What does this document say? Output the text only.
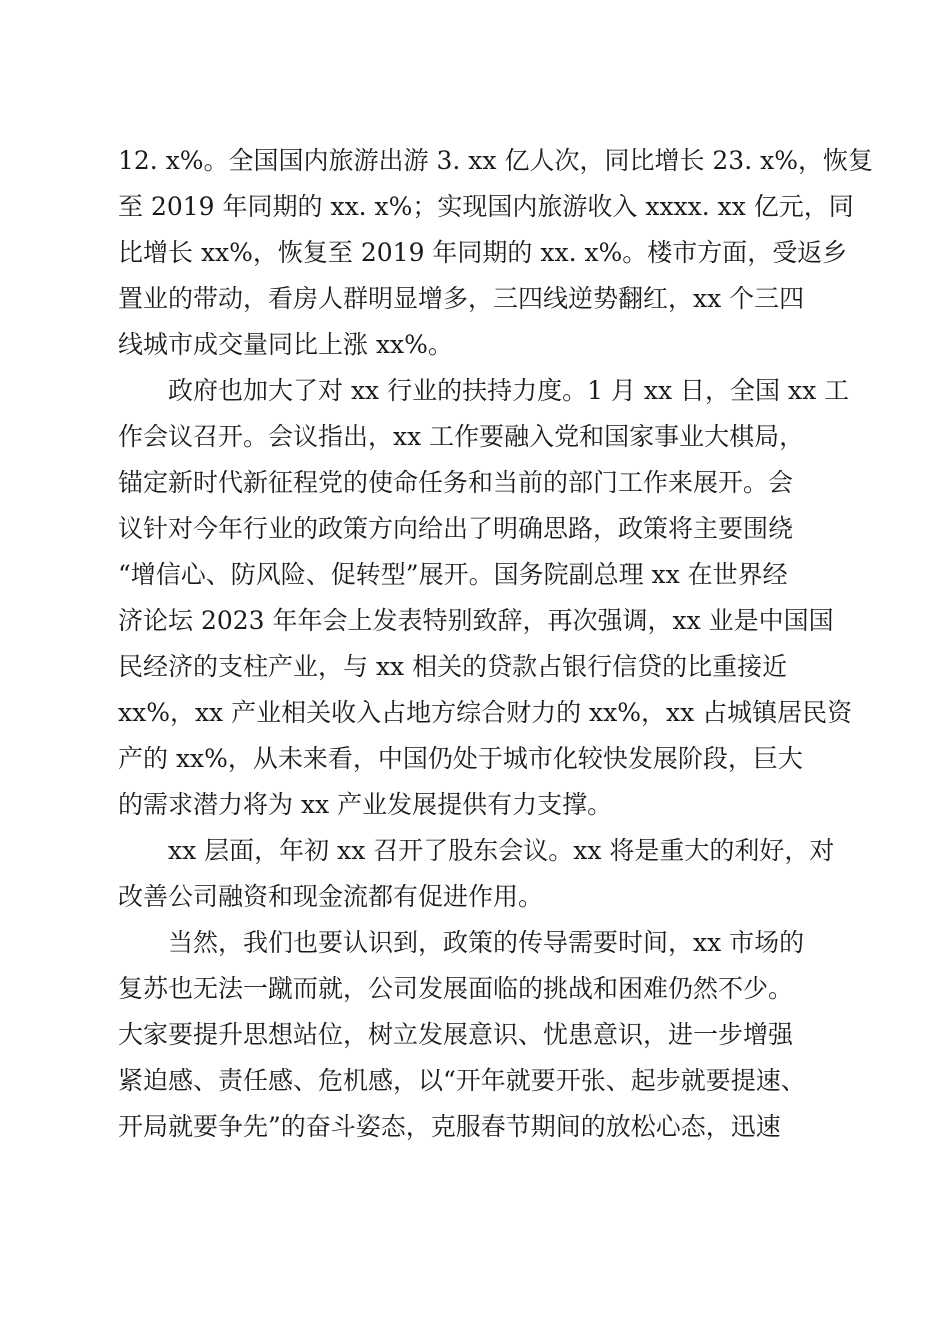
12. x%。全国国内旅游出游 3. xx 亿人次，同比增长 23. x%，恢复
至 2019 年同期的 xx. x%；实现国内旅游收入 xxxx. xx 亿元，同
比增长 xx%，恢复至 2019 年同期的 xx. x%。楼市方面，受返乡
置业的带动，看房人群明显增多，三四线逆势翻红，xx 个三四
线城市成交量同比上涨 xx%。
　　政府也加大了对 xx 行业的扶持力度。1 月 xx 日，全国 xx 工
作会议召开。会议指出，xx 工作要融入党和国家事业大棋局，
锚定新时代新征程党的使命任务和当前的部门工作来展开。会
议针对今年行业的政策方向给出了明确思路，政策将主要围绕
“增信心、防风险、促转型”展开。国务院副总理 xx 在世界经
济论坛 2023 年年会上发表特别致辞，再次强调，xx 业是中国国
民经济的支柱产业，与 xx 相关的贷款占银行信贷的比重接近
xx%，xx 产业相关收入占地方综合财力的 xx%，xx 占城镇居民资
产的 xx%，从未来看，中国仍处于城市化较快发展阶段，巨大
的需求潜力将为 xx 产业发展提供有力支撑。
　　xx 层面，年初 xx 召开了股东会议。xx 将是重大的利好，对
改善公司融资和现金流都有促进作用。
　　当然，我们也要认识到，政策的传导需要时间，xx 市场的
复苏也无法一蹴而就，公司发展面临的挑战和困难仍然不少。
大家要提升思想站位，树立发展意识、忧患意识，进一步增强
紧迫感、责任感、危机感，以“开年就要开张、起步就要提速、
开局就要争先”的奋斗姿态，克服春节期间的放松心态，迅速
